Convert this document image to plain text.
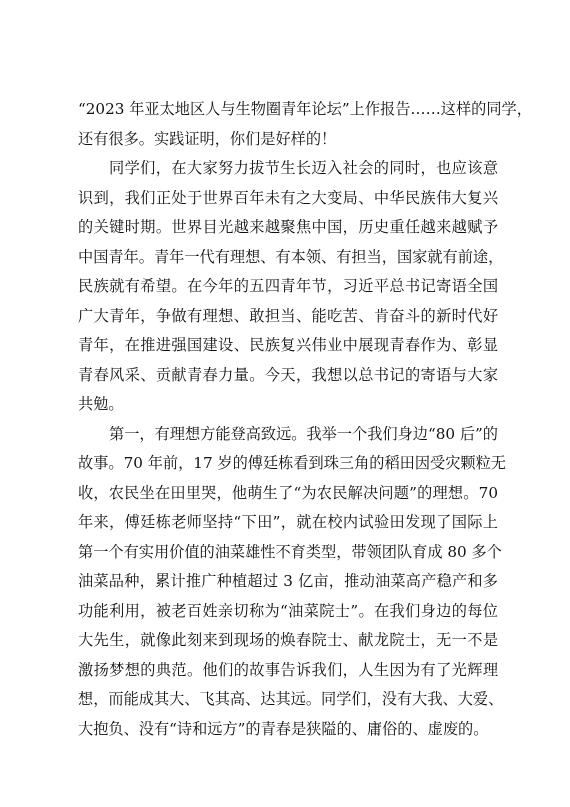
“2023 年亚太地区人与生物圈青年论坛”上作报告……这样的同学，
还有很多。实践证明，你们是好样的！
同学们，在大家努力拔节生长迈入社会的同时，也应该意
识到，我们正处于世界百年未有之大变局、中华民族伟大复兴
的关键时期。世界目光越来越聚焦中国，历史重任越来越赋予
中国青年。青年一代有理想、有本领、有担当，国家就有前途，
民族就有希望。在今年的五四青年节，习近平总书记寄语全国
广大青年，争做有理想、敢担当、能吃苦、肯奋斗的新时代好
青年，在推进强国建设、民族复兴伟业中展现青春作为、彰显
青春风采、贡献青春力量。今天，我想以总书记的寄语与大家
共勉。
第一，有理想方能登高致远。我举一个我们身边“80 后”的
故事。70 年前，17 岁的傅廷栋看到珠三角的稻田因受灾颗粒无
收，农民坐在田里哭，他萌生了“为农民解决问题”的理想。70
年来，傅廷栋老师坚持“下田”，就在校内试验田发现了国际上
第一个有实用价值的油菜雄性不育类型，带领团队育成 80 多个
油菜品种，累计推广种植超过 3 亿亩，推动油菜高产稳产和多
功能利用，被老百姓亲切称为“油菜院士”。在我们身边的每位
大先生，就像此刻来到现场的焕春院士、献龙院士，无一不是
激扬梦想的典范。他们的故事告诉我们，人生因为有了光辉理
想，而能成其大、飞其高、达其远。同学们，没有大我、大爱、
大抱负、没有“诗和远方”的青春是狭隘的、庸俗的、虚废的。
